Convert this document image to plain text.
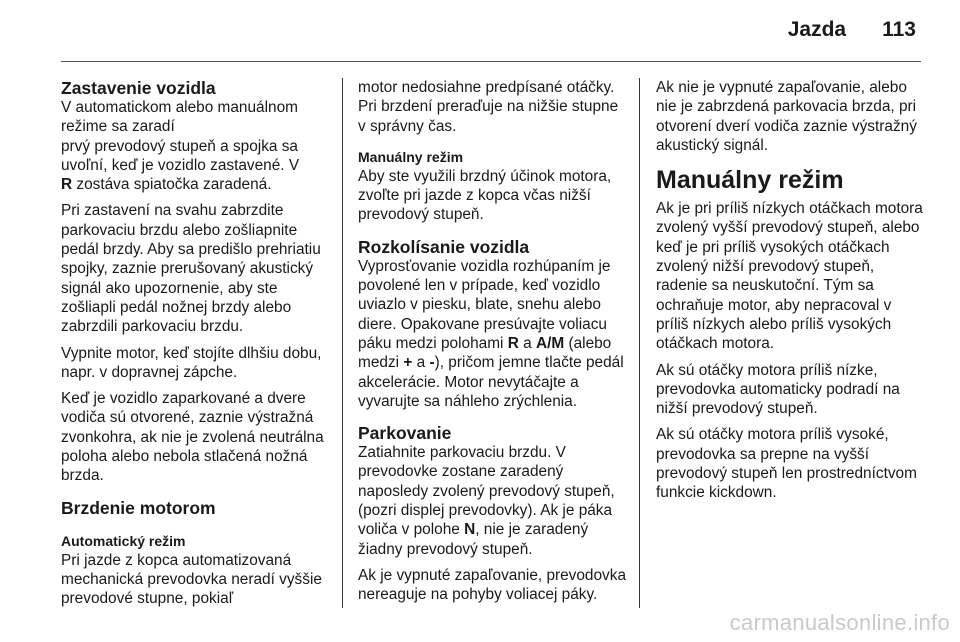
Jazda 113
Zastavenie vozidla

V automatickom alebo manuálnom režime sa zaradí

prvý prevodový stupeň a spojka sa uvoľní, keď je vozidlo zastavené. V
R zostáva spiatočka zaradená.

Pri zastavení na svahu zabrzdite parkovaciu brzdu alebo zošliapnite pedál brzdy. Aby sa predišlo prehriatiu spojky, zaznie prerušovaný akustický signál ako upozornenie, aby ste zošliapli pedál nožnej brzdy alebo zabrzdili parkovaciu brzdu.

Vypnite motor, keď stojíte dlhšiu dobu, napr. v dopravnej zápche.

Keď je vozidlo zaparkované a dvere vodiča sú otvorené, zaznie výstražná zvonkohra, ak nie je zvolená neutrálna poloha alebo nebola stlačená nožná brzda.

Brzdenie motorom
Automatický režim

Pri jazde z kopca automatizovaná mechanická prevodovka neradí vyššie prevodové stupne, pokiaľ

motor nedosiahne predpísané otáčky. Pri brzdení preraďuje na nižšie stupne v správny čas.

Manuálny režim

Aby ste využili brzdný účinok motora, zvoľte pri jazde z kopca včas nižší prevodový stupeň.

Rozkolísanie vozidla

Vyprosťovanie vozidla rozhúpaním je povolené len v prípade, keď vozidlo uviazlo v piesku, blate, snehu alebo diere. Opakovane presúvajte voliacu páku medzi polohami R a A/M (alebo medzi + a -), pričom jemne tlačte pedál akcelerácie. Motor nevytáčajte a vyvarujte sa náhleho zrýchlenia.

Parkovanie

Zatiahnite parkovaciu brzdu. V prevodovke zostane zaradený naposledy zvolený prevodový stupeň, (pozri displej prevodovky). Ak je páka voliča v polohe N, nie je zaradený žiadny prevodový stupeň.

Ak je vypnuté zapaľovanie, prevodovka nereaguje na pohyby voliacej páky.

Ak nie je vypnuté zapaľovanie, alebo nie je zabrzdená parkovacia brzda, pri otvorení dverí vodiča zaznie výstražný akustický signál.

Manuálny režim

Ak je pri príliš nízkych otáčkach motora zvolený vyšší prevodový stupeň, alebo keď je pri príliš vysokých otáčkach zvolený nižší prevodový stupeň, radenie sa neuskutoční. Tým sa ochraňuje motor, aby nepracoval v príliš nízkych alebo príliš vysokých otáčkach motora.

Ak sú otáčky motora príliš nízke, prevodovka automaticky podradí na nižší prevodový stupeň.

Ak sú otáčky motora príliš vysoké, prevodovka sa prepne na vyšší prevodový stupeň len prostredníctvom funkcie kickdown.

carmanualsonline.info
